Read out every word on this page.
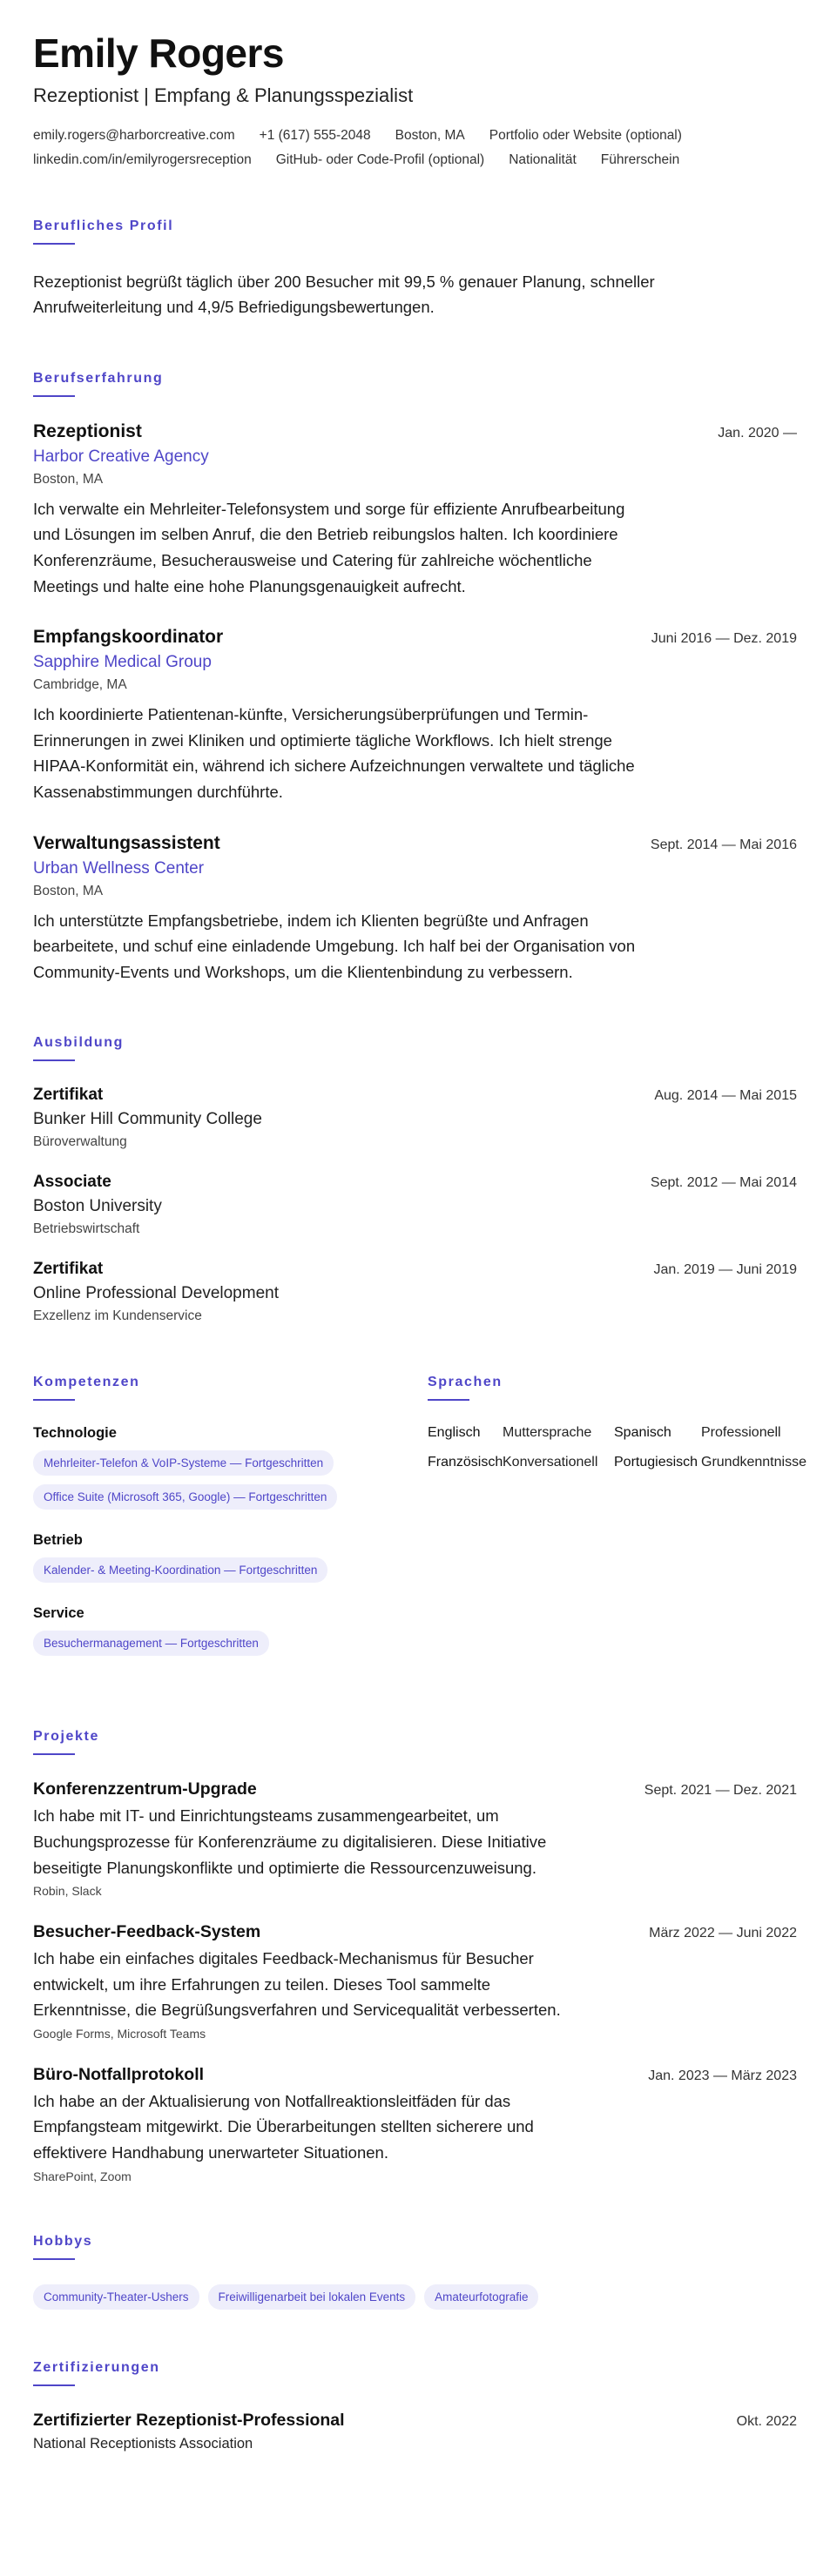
Emily Rogers
Rezeptionist | Empfang & Planungsspezialist
emily.rogers@harborcreative.com +1 (617) 555-2048 Boston, MA Portfolio oder Website (optional)
linkedin.com/in/emilyrogersreception GitHub- oder Code-Profil (optional) Nationalität Führerschein
Berufliches Profil

Rezeptionist begrüßt täglich über 200 Besucher mit 99,5 % genauer Planung, schneller Anrufweiterleitung und 4,9/5 Befriedigungsbewertungen.

Berufserfahrung
Rezeptionist	Jan. 2020 —
Harbor Creative Agency
Boston, MA

Ich verwalte ein Mehrleiter-Telefonsystem und sorge für effiziente Anrufbearbeitung und Lösungen im selben Anruf, die den Betrieb reibungslos halten. Ich koordiniere Konferenzräume, Besucherausweise und Catering für zahlreiche wöchentliche Meetings und halte eine hohe Planungsgenauigkeit aufrecht.

Empfangskoordinator	Juni 2016 — Dez. 2019
Sapphire Medical Group
Cambridge, MA

Ich koordinierte Patientenan-künfte, Versicherungsüberprüfungen und Termin-Erinnerungen in zwei Kliniken und optimierte tägliche Workflows. Ich hielt strenge HIPAA-Konformität ein, während ich sichere Aufzeichnungen verwaltete und tägliche Kassenabstimmungen durchführte.

Verwaltungsassistent	Sept. 2014 — Mai 2016
Urban Wellness Center
Boston, MA

Ich unterstützte Empfangsbetriebe, indem ich Klienten begrüßte und Anfragen bearbeitete, und schuf eine einladende Umgebung. Ich half bei der Organisation von Community-Events und Workshops, um die Klientenbindung zu verbessern.

Ausbildung
Zertifikat	Aug. 2014 — Mai 2015
Bunker Hill Community College
Büroverwaltung
Associate	Sept. 2012 — Mai 2014
Boston University
Betriebswirtschaft
Zertifikat	Jan. 2019 — Juni 2019
Online Professional Development
Exzellenz im Kundenservice
Kompetenzen
Technologie
Mehrleiter-Telefon & VoIP-Systeme — Fortgeschritten
Office Suite (Microsoft 365, Google) — Fortgeschritten
Betrieb
Kalender- & Meeting-Koordination — Fortgeschritten
Service
Besuchermanagement — Fortgeschritten
Sprachen
Englisch	Muttersprache	Spanisch	Professionell
Französisch Konversationell	Portugiesisch Grundkenntnisse
Projekte
Konferenzzentrum-Upgrade	Sept. 2021 — Dez. 2021

Ich habe mit IT- und Einrichtungsteams zusammengearbeitet, um Buchungsprozesse für Konferenzräume zu digitalisieren. Diese Initiative beseitigte Planungskonflikte und optimierte die Ressourcenzuweisung.

Robin, Slack
Besucher-Feedback-System	März 2022 — Juni 2022

Ich habe ein einfaches digitales Feedback-Mechanismus für Besucher entwickelt, um ihre Erfahrungen zu teilen. Dieses Tool sammelte Erkenntnisse, die Begrüßungsverfahren und Servicequalität verbesserten.

Google Forms, Microsoft Teams
Büro-Notfallprotokoll	Jan. 2023 — März 2023

Ich habe an der Aktualisierung von Notfallreaktionsleitfäden für das Empfangsteam mitgewirkt. Die Überarbeitungen stellten sicherere und effektivere Handhabung unerwarteter Situationen.

SharePoint, Zoom
Hobbys
Community-Theater-Ushers	Freiwilligenarbeit bei lokalen Events	Amateurfotografie
Zertifizierungen
Zertifizierter Rezeptionist-Professional	Okt. 2022
National Receptionists Association
